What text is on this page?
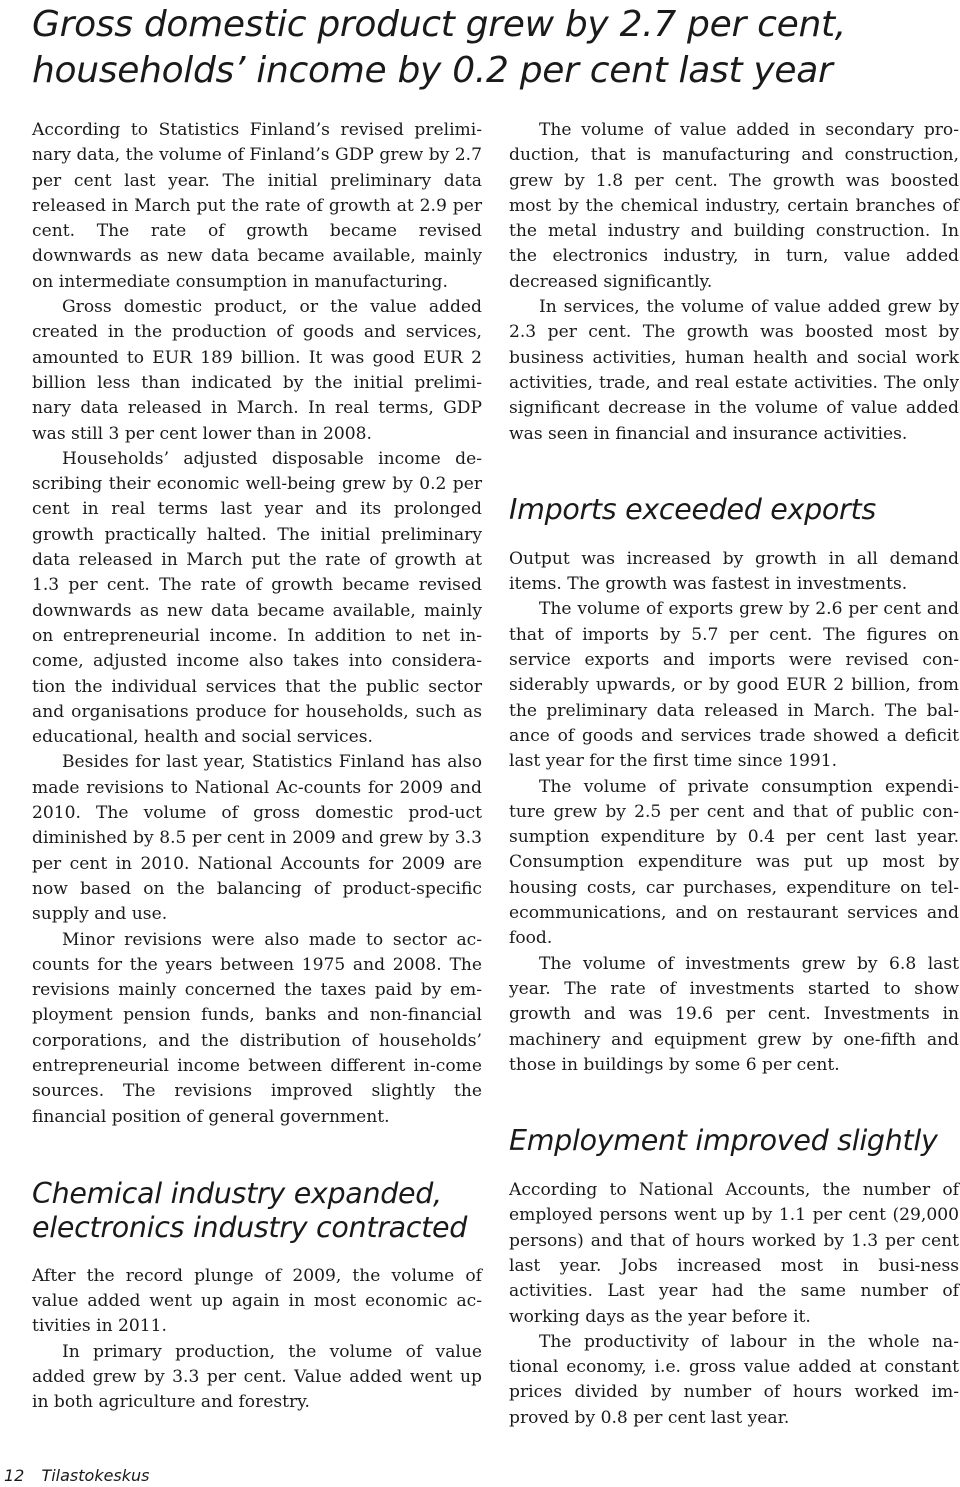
Gross domestic product grew by 2.7 per cent,
households’ income by 0.2 per cent last year

According to Statistics Finland’s revised prelimi-nary data, the volume of Finland’s GDP grew by 2.7 per cent last year. The initial preliminary data released in March put the rate of growth at 2.9 per cent. The rate of growth became revised downwards as new data became available, mainly on intermediate consumption in manufacturing.

Gross domestic product, or the value added created in the production of goods and services, amounted to EUR 189 billion. It was good EUR 2 billion less than indicated by the initial prelimi-nary data released in March. In real terms, GDP was still 3 per cent lower than in 2008.

Households’ adjusted disposable income de-scribing their economic well-being grew by 0.2 per cent in real terms last year and its prolonged growth practically halted. The initial preliminary data released in March put the rate of growth at 1.3 per cent. The rate of growth became revised downwards as new data became available, mainly on entrepreneurial income. In addition to net in-come, adjusted income also takes into considera-tion the individual services that the public sector and organisations produce for households, such as educational, health and social services.

Besides for last year, Statistics Finland has also made revisions to National Ac-counts for 2009 and 2010. The volume of gross domestic prod-uct diminished by 8.5 per cent in 2009 and grew by 3.3 per cent in 2010. National Accounts for 2009 are now based on the balancing of product-specific supply and use.

Minor revisions were also made to sector ac-counts for the years between 1975 and 2008. The revisions mainly concerned the taxes paid by em-ployment pension funds, banks and non-financial corporations, and the distribution of households’ entrepreneurial income between different in-come sources. The revisions improved slightly the financial position of general government.

Chemical industry expanded,
electronics industry contracted

After the record plunge of 2009, the volume of value added went up again in most economic ac-tivities in 2011.

In primary production, the volume of value added grew by 3.3 per cent. Value added went up in both agriculture and forestry.

The volume of value added in secondary pro-duction, that is manufacturing and construction, grew by 1.8 per cent. The growth was boosted most by the chemical industry, certain branches of the metal industry and building construction. In the electronics industry, in turn, value added decreased significantly.

In services, the volume of value added grew by 2.3 per cent. The growth was boosted most by business activities, human health and social work activities, trade, and real estate activities. The only significant decrease in the volume of value added was seen in financial and insurance activities.

Imports exceeded exports

Output was increased by growth in all demand items. The growth was fastest in investments.

The volume of exports grew by 2.6 per cent and that of imports by 5.7 per cent. The figures on service exports and imports were revised con-siderably upwards, or by good EUR 2 billion, from the preliminary data released in March. The bal-ance of goods and services trade showed a deficit last year for the first time since 1991.

The volume of private consumption expendi-ture grew by 2.5 per cent and that of public con-sumption expenditure by 0.4 per cent last year. Consumption expenditure was put up most by housing costs, car purchases, expenditure on tel-ecommunications, and on restaurant services and food.

The volume of investments grew by 6.8 last year. The rate of investments started to show growth and was 19.6 per cent. Investments in machinery and equipment grew by one-fifth and those in buildings by some 6 per cent.

Employment improved slightly

According to National Accounts, the number of employed persons went up by 1.1 per cent (29,000 persons) and that of hours worked by 1.3 per cent last year. Jobs increased most in busi-ness activities. Last year had the same number of working days as the year before it.

The productivity of labour in the whole na-tional economy, i.e. gross value added at constant prices divided by number of hours worked im-proved by 0.8 per cent last year.

12 Tilastokeskus
